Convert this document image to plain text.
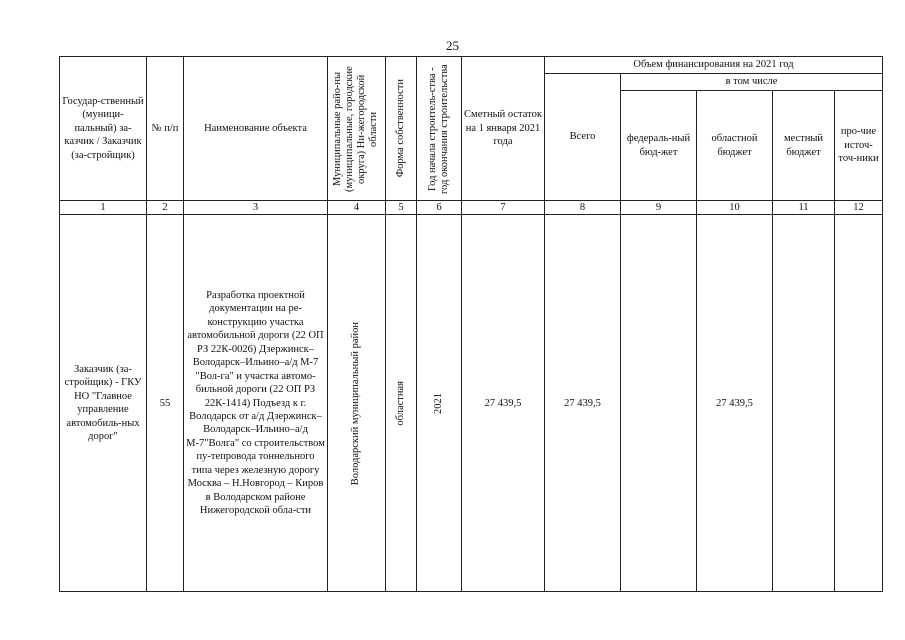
25
Государ-ственный (муници-пальный) за-казчик / Заказчик (за-стройщик)	№ п/п	Наименование объекта	Муниципальные райо-ны (муниципальные, городские округа) Ни-жегородской области	Форма собственности	Год начала строитель-ства - год окончания строительства	Сметный остаток на 1 января 2021 года	Объем финансирования на 2021 год				
							Всего	в том числе			
								федераль-ный бюд-жет	областной бюджет	местный бюджет	про-чие источ-точ-ники
1	2	3	4	5	6	7	8	9	10	11	12
Заказчик (за-стройщик) - ГКУ НО "Главное управление автомобиль-ных дорог"	55	Разработка проектной документации на ре-конструкцию участка автомобильной дороги (22 ОП РЗ 22К-0026) Дзержинск–Володарск–Ильино–а/д М-7 "Вол-га" и участка автомо-бильной дороги (22 ОП РЗ 22К-1414) Подъезд к г. Володарск от а/д Дзержинск–Володарск–Ильино–а/д М-7"Волга" со строительством пу-тепровода тоннельного типа через железную дорогу Москва – Н.Новгород – Киров в Володарском районе Нижегородской обла-сти	Володарский муниципальный район	областная	2021	27 439,5	27 439,5		27 439,5		
